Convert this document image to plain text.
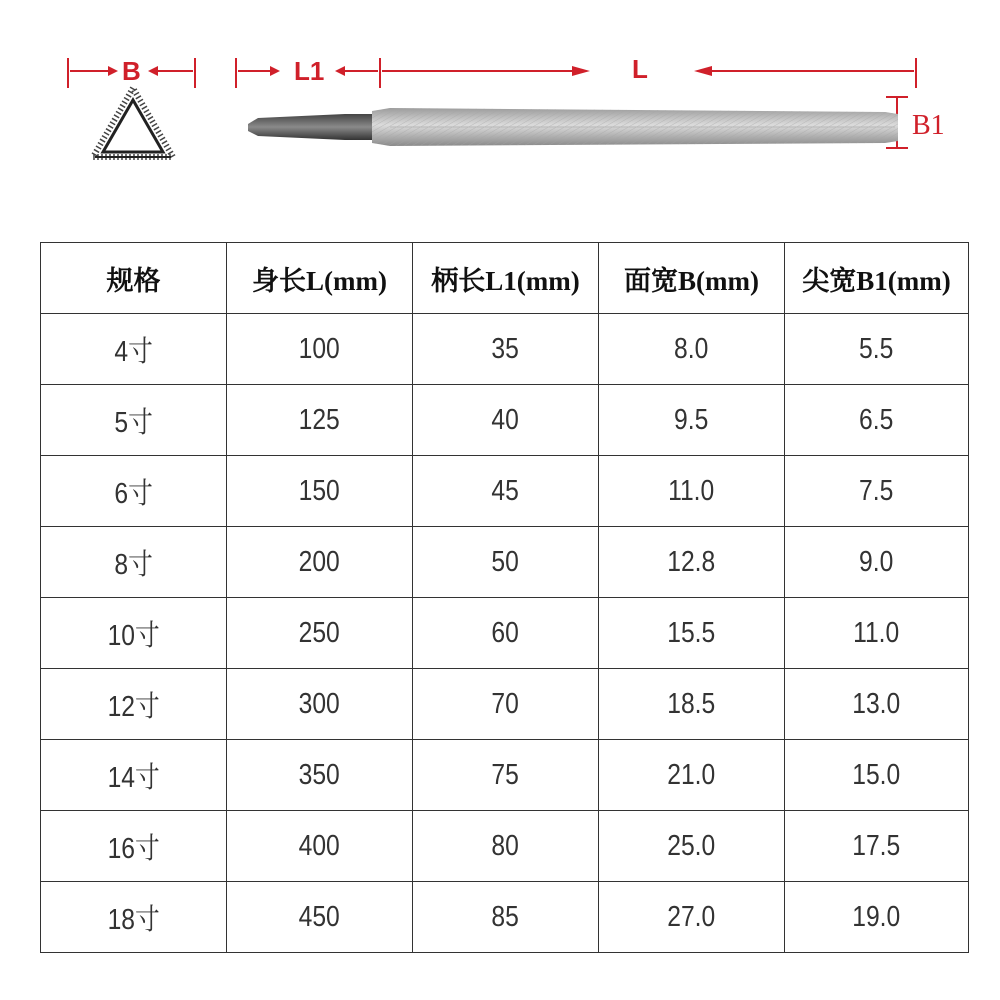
B	L1	L
B1
规格	身长L(mm)	柄长L1(mm)	面宽B(mm)	尖宽B1(mm)
4寸	100	35	8.0	5.5
5寸	125	40	9.5	6.5
6寸	150	45	11.0	7.5
8寸	200	50	12.8	9.0
10寸	250	60	15.5	11.0
12寸	300	70	18.5	13.0
14寸	350	75	21.0	15.0
16寸	400	80	25.0	17.5
18寸	450	85	27.0	19.0
